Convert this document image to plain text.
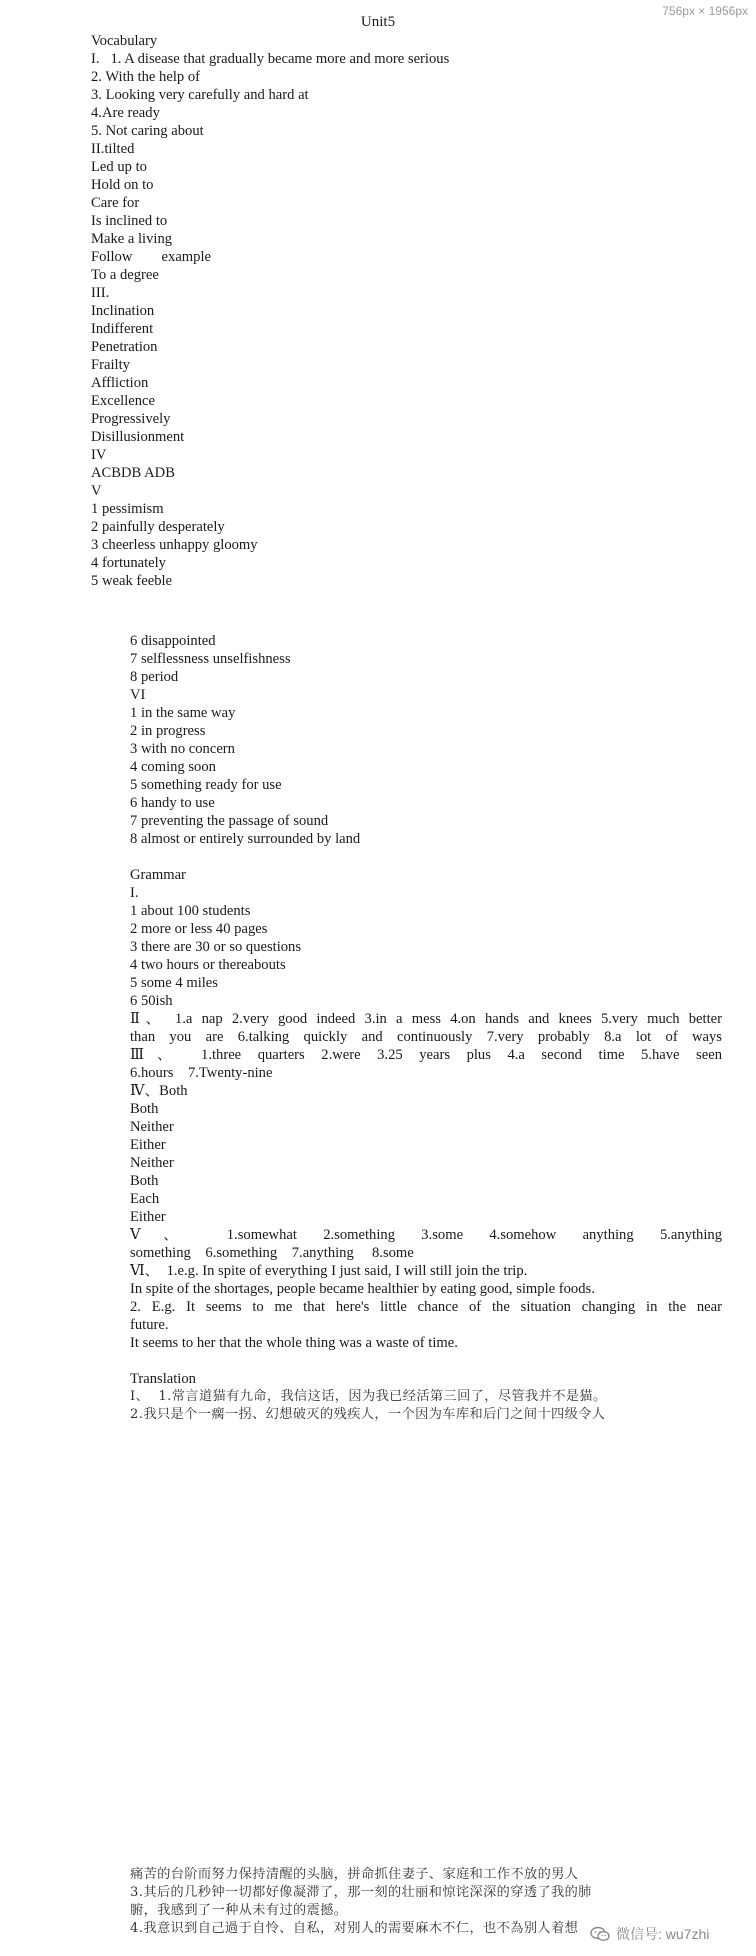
756px × 1956px
Unit5
Vocabulary
I.   1. A disease that gradually became more and more serious
2. With the help of
3. Looking very carefully and hard at
4.Are ready
5. Not caring about
II.tilted
Led up to
Hold on to
Care for
Is inclined to
Make a living
Follow        example
To a degree
III.
Inclination
Indifferent
Penetration
Frailty
Affliction
Excellence
Progressively
Disillusionment
IV
ACBDB ADB
V
1 pessimism
2 painfully desperately
3 cheerless unhappy gloomy
4 fortunately
5 weak feeble
6 disappointed
7 selflessness unselfishness
8 period
VI
1 in the same way
2 in progress
3 with no concern
4 coming soon
5 something ready for use
6 handy to use
7 preventing the passage of sound
8 almost or entirely surrounded by land
Grammar
I.
1 about 100 students
2 more or less 40 pages
3 there are 30 or so questions
4 two hours or thereabouts
5 some 4 miles
6 50ish
Ⅱ、 1.a nap 2.very good indeed 3.in a mess 4.on hands and knees 5.very much better
than you are 6.talking quickly and continuously 7.very probably 8.a lot of ways
Ⅲ、 1.three quarters 2.were 3.25 years plus 4.a second time 5.have seen
6.hours    7.Twenty-nine
Ⅳ、Both
Both
Neither
Either
Neither
Both
Each
Either
Ⅴ、 1.somewhat 2.something 3.some 4.somehow anything 5.anything
something    6.something    7.anything     8.some
Ⅵ、  1.e.g. In spite of everything I just said, I will still join the trip.
In spite of the shortages, people became healthier by eating good, simple foods.
2. E.g. It seems to me that here's little chance of the situation changing in the near
future.
It seems to her that the whole thing was a waste of time.
Translation
Ⅰ、  1.常言道猫有九命，我信这话，因为我已经活第三回了，尽管我并不是猫。
2.我只是个一瘸一拐、幻想破灭的残疾人，一个因为车库和后门之间十四级令人
痛苦的台阶而努力保持清醒的头脑，拼命抓住妻子、家庭和工作不放的男人
3.其后的几秒钟一切都好像凝滞了，那一刻的壮丽和惊诧深深的穿透了我的肺
腑，我感到了一种从未有过的震撼。
4.我意识到自己過于自怜、自私，对别人的需要麻木不仁，也不為别人着想	微信号: wu7zhi
